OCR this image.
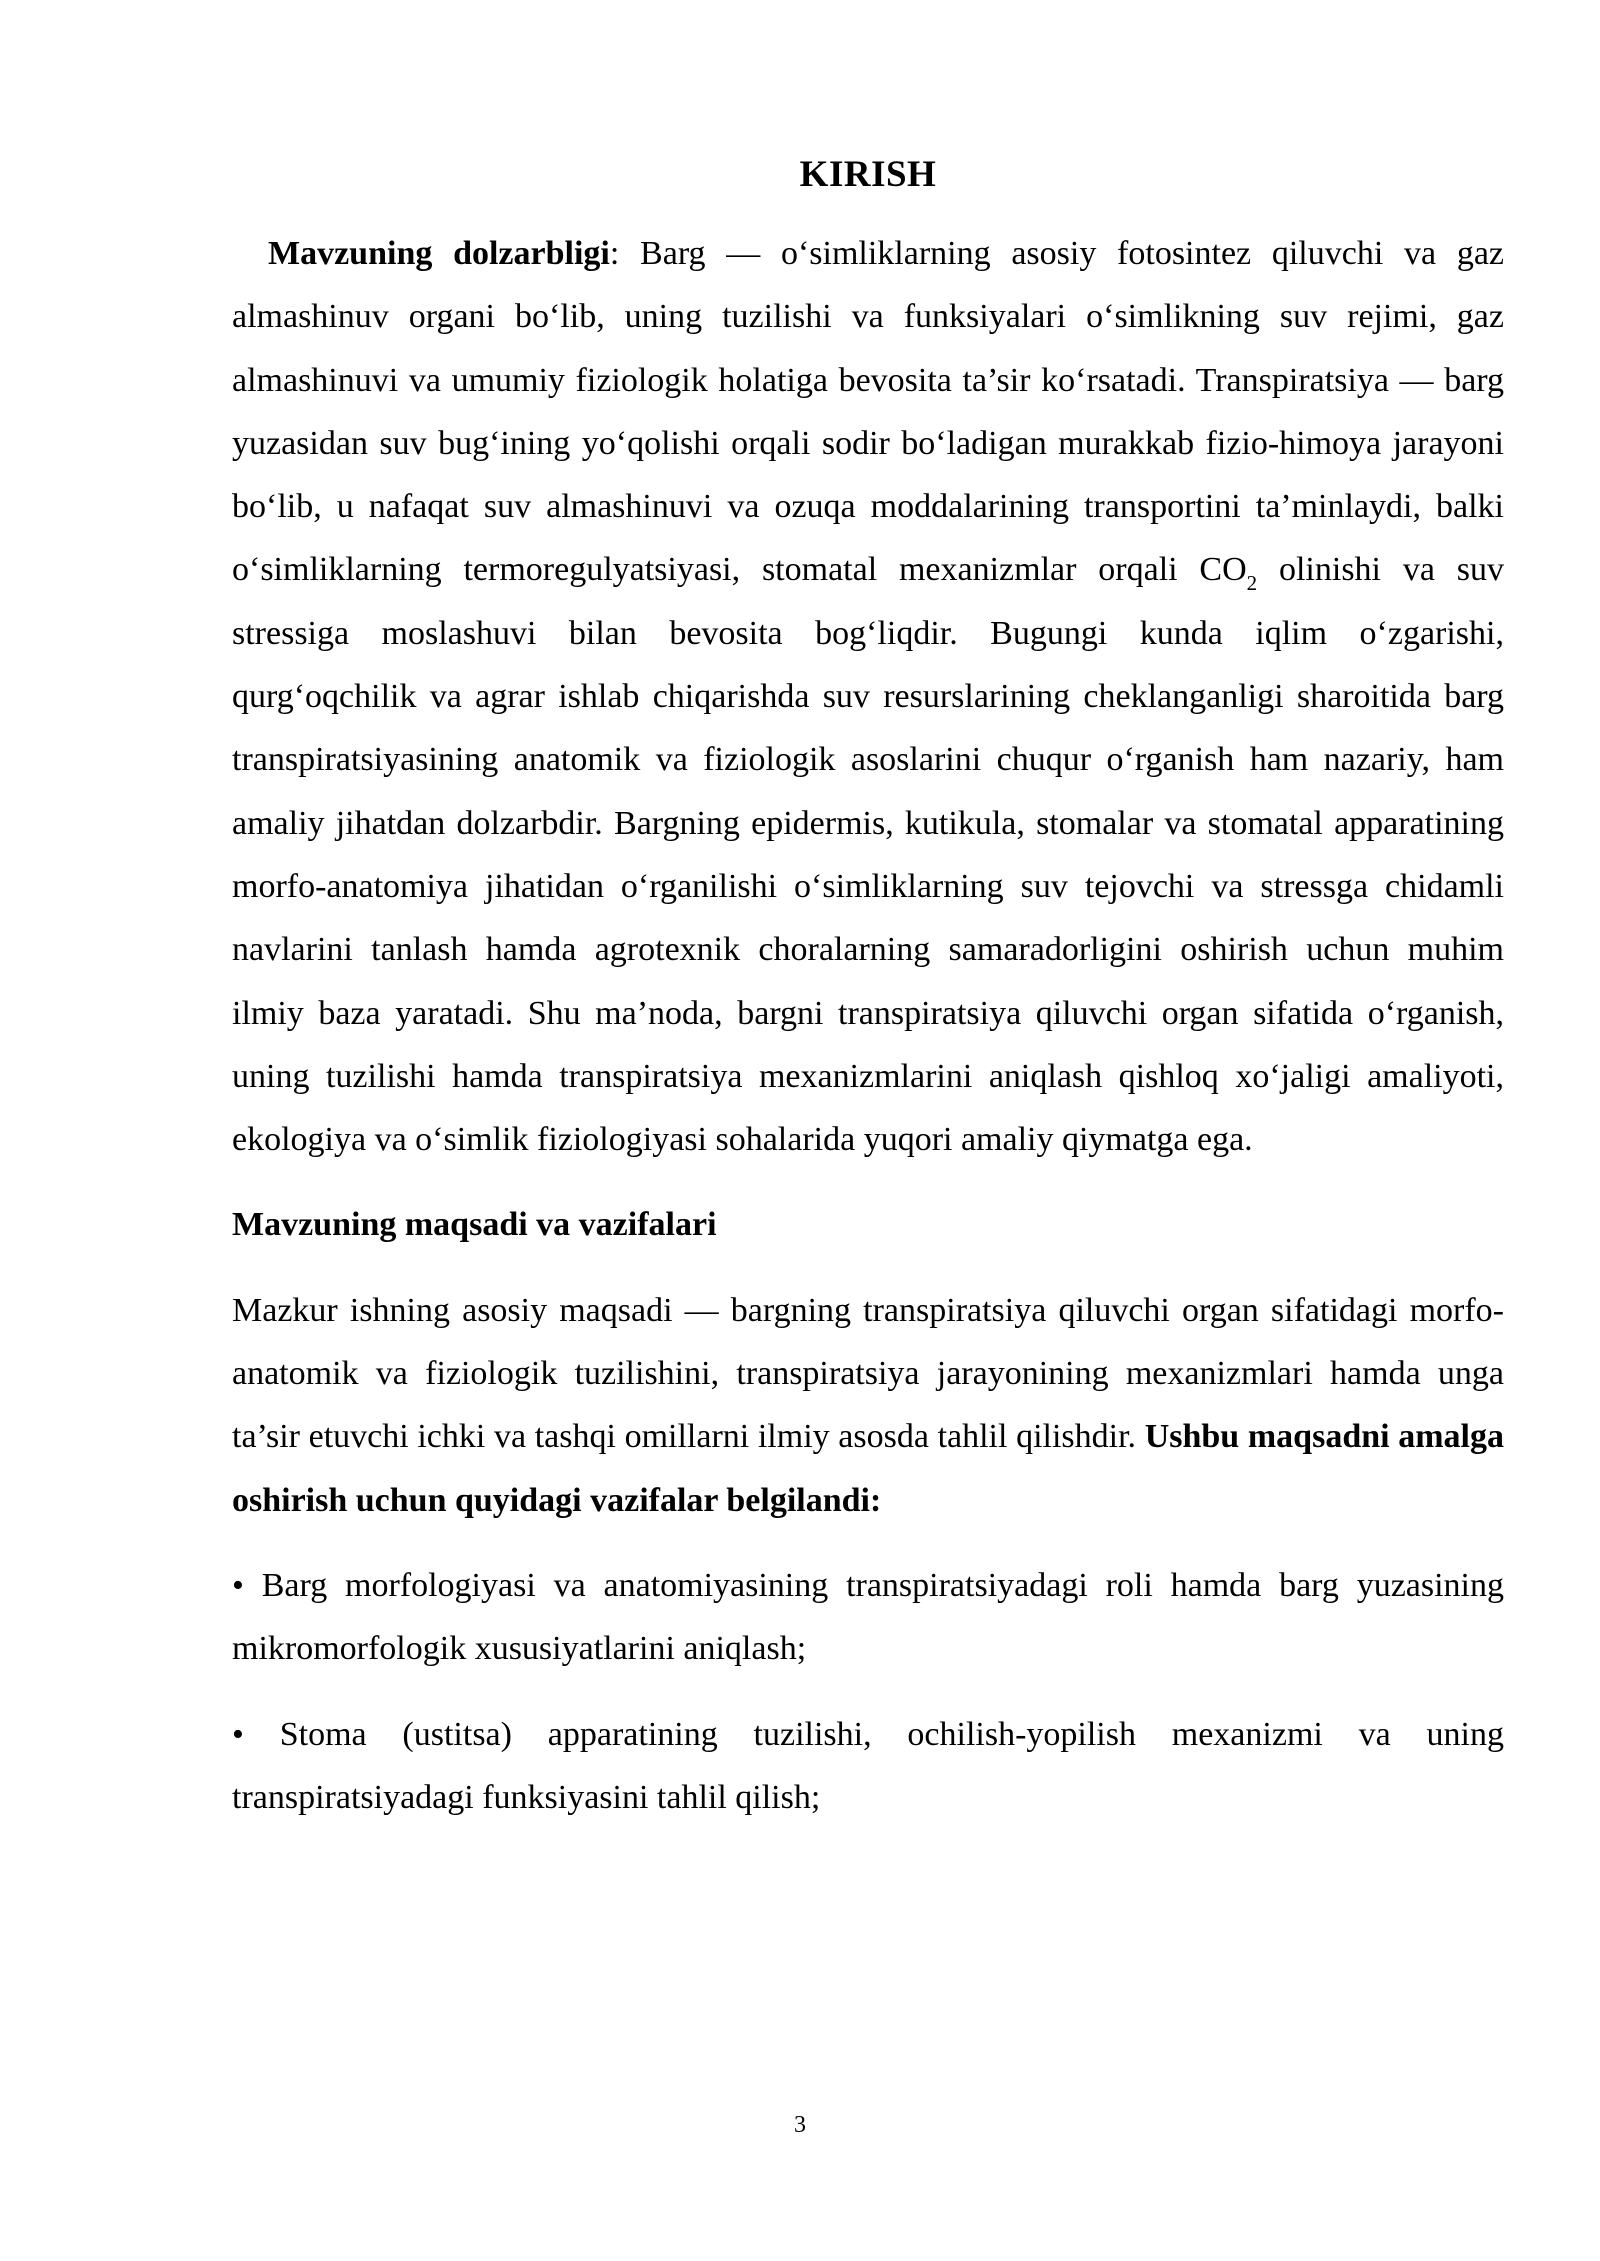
KIRISH

Mavzuning dolzarbligi: Barg — o‘simliklarning asosiy fotosintez qiluvchi va gaz almashinuv organi bo‘lib, uning tuzilishi va funksiyalari o‘simlikning suv rejimi, gaz almashinuvi va umumiy fiziologik holatiga bevosita ta’sir ko‘rsatadi. Transpiratsiya — barg yuzasidan suv bug‘ining yo‘qolishi orqali sodir bo‘ladigan murakkab fizio-himoya jarayoni bo‘lib, u nafaqat suv almashinuvi va ozuqa moddalarining transportini ta’minlaydi, balki o‘simliklarning termoregulyatsiyasi, stomatal mexanizmlar orqali $CO_2$ olinishi va suv stressiga moslashuvi bilan bevosita bog‘liqdir. Bugungi kunda iqlim o‘zgarishi, qurg‘oqchilik va agrar ishlab chiqarishda suv resurslarining cheklanganligi sharoitida barg transpiratsiyasining anatomik va fiziologik asoslarini chuqur o‘rganish ham nazariy, ham amaliy jihatdan dolzarbdir. Bargning epidermis, kutikula, stomalar va stomatal apparatining morfo-anatomiya jihatidan o‘rganilishi o‘simliklarning suv tejovchi va stressga chidamli navlarini tanlash hamda agrotexnik choralarning samaradorligini oshirish uchun muhim ilmiy baza yaratadi. Shu ma’noda, bargni transpiratsiya qiluvchi organ sifatida o‘rganish, uning tuzilishi hamda transpiratsiya mexanizmlarini aniqlash qishloq xo‘jaligi amaliyoti, ekologiya va o‘simlik fiziologiyasi sohalarida yuqori amaliy qiymatga ega.

Mavzuning maqsadi va vazifalari

Mazkur ishning asosiy maqsadi — bargning transpiratsiya qiluvchi organ sifatidagi morfo-anatomik va fiziologik tuzilishini, transpiratsiya jarayonining mexanizmlari hamda unga ta’sir etuvchi ichki va tashqi omillarni ilmiy asosda tahlil qilishdir. Ushbu maqsadni amalga oshirish uchun quyidagi vazifalar belgilandi:

• Barg morfologiyasi va anatomiyasining transpiratsiyadagi roli hamda barg yuzasining mikromorfologik xususiyatlarini aniqlash;

• Stoma (ustitsa) apparatining tuzilishi, ochilish-yopilish mexanizmi va uning transpiratsiyadagi funksiyasini tahlil qilish;

3
